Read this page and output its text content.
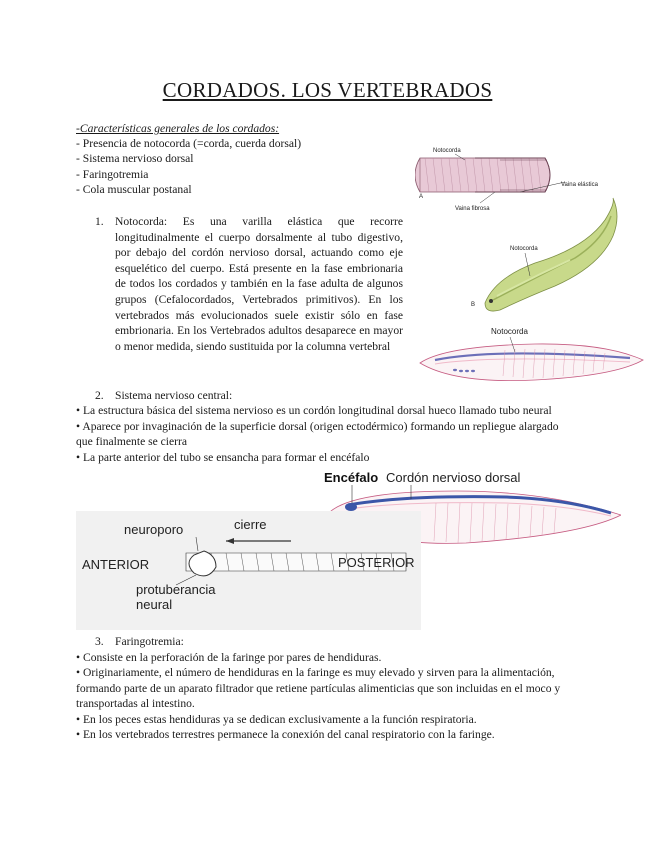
CORDADOS. LOS VERTEBRADOS
-Características generales de los cordados:
- Presencia de notocorda (=corda, cuerda dorsal)
- Sistema nervioso dorsal
- Faringotremia
- Cola muscular postanal
1. Notocorda: Es una varilla elástica que recorre longitudinalmente el cuerpo dorsalmente al tubo digestivo, por debajo del cordón nervioso dorsal, actuando como eje esquelético del cuerpo. Está presente en la fase embrionaria de todos los cordados y también en la fase adulta de algunos grupos (Cefalocordados, Vertebrados primitivos). En los vertebrados más evolucionados suele existir sólo en fase embrionaria. En los Vertebrados adultos desaparece en mayor o menor medida, siendo sustituida por la columna vertebral
Notocorda
Vaina elástica
Vaina fibrosa
A
Notocorda
B
Notocorda
2. Sistema nervioso central:
• La estructura básica del sistema nervioso es un cordón longitudinal dorsal hueco llamado tubo neural
• Aparece por invaginación de la superficie dorsal (origen ectodérmico) formando un repliegue alargado
que finalmente se cierra
• La parte anterior del tubo se ensancha para formar el encéfalo
Encéfalo Cordón nervioso dorsal
neuroporo	cierre
ANTERIOR	POSTERIOR
protuberancia
neural
3. Faringotremia:
• Consiste en la perforación de la faringe por pares de hendiduras.
• Originariamente, el número de hendiduras en la faringe es muy elevado y sirven para la alimentación,
formando parte de un aparato filtrador que retiene partículas alimenticias que son incluidas en el moco y
transportadas al intestino.
• En los peces estas hendiduras ya se dedican exclusivamente a la función respiratoria.
• En los vertebrados terrestres permanece la conexión del canal respiratorio con la faringe.
